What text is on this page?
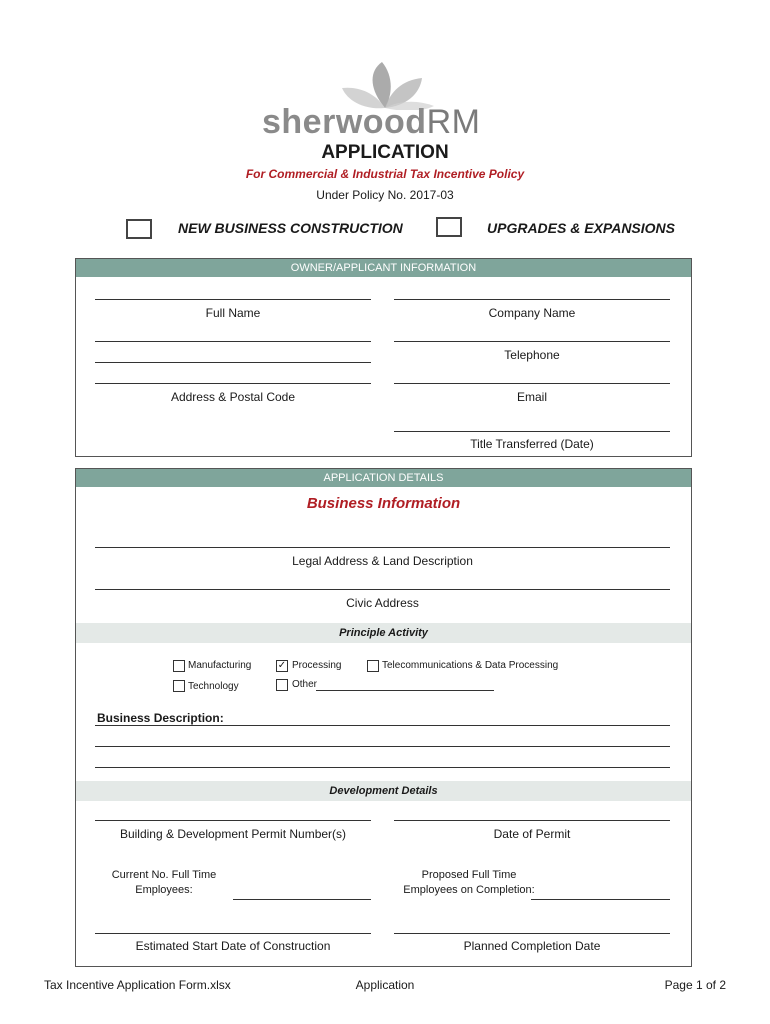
sherwoodRM
APPLICATION
For Commercial & Industrial Tax Incentive Policy
Under Policy No. 2017-03
NEW BUSINESS CONSTRUCTION	UPGRADES & EXPANSIONS
OWNER/APPLICANT INFORMATION
Full Name	Company Name
Address & Postal Code
Telephone
Email
Title Transferred (Date)
APPLICATION DETAILS
Business Information
Legal Address & Land Description
Civic Address
Principle Activity
Manufacturing	✓ Processing	Telecommunications & Data Processing
Technology	Other
Business Description:
Development Details
Building & Development Permit Number(s)	Date of Permit
Current No. Full Time
Employees:
Proposed Full Time
Employees on Completion:
Estimated Start Date of Construction	Planned Completion Date
Tax Incentive Application Form.xlsx	Application	Page 1 of 2
